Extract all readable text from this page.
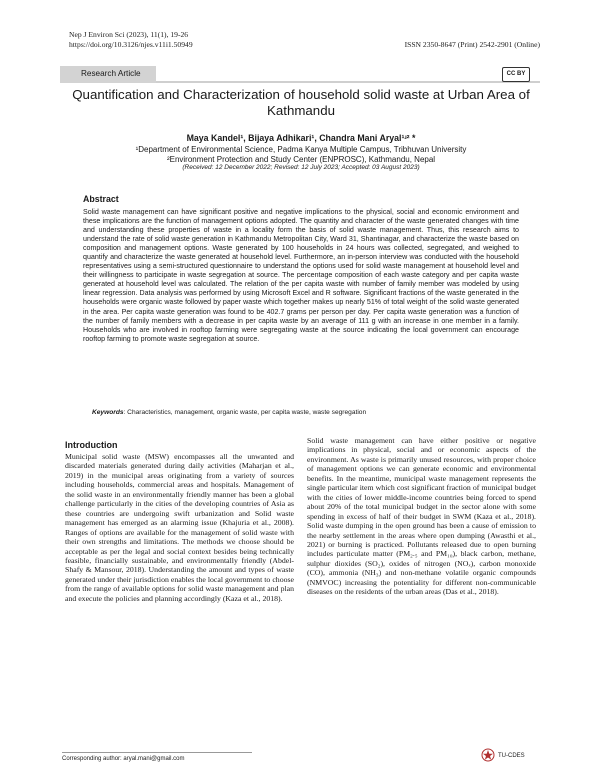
Nep J Environ Sci (2023), 11(1), 19-26
https://doi.org/10.3126/njes.v11i1.50949	ISSN 2350-8647 (Print) 2542-2901 (Online)
Research Article	CC BY
Quantification and Characterization of household solid waste at Urban Area of Kathmandu
Maya Kandel¹, Bijaya Adhikari¹, Chandra Mani Aryal¹ʴ² *
¹Department of Environmental Science, Padma Kanya Multiple Campus, Tribhuvan University
²Environment Protection and Study Center (ENPROSC), Kathmandu, Nepal
(Received: 12 December 2022; Revised: 12 July 2023; Accepted: 03 August 2023)
Abstract

Solid waste management can have significant positive and negative implications to the physical, social and economic environment and these implications are the function of management options adopted. The quantity and character of the waste generated changes with time and understanding these properties of waste in a locality form the basis of solid waste management. Thus, this research aims to understand the rate of solid waste generation in Kathmandu Metropolitan City, Ward 31, Shantinagar, and characterize the waste based on composition and management options. Waste generated by 100 households in 24 hours was collected, segregated, and weighed to quantify and characterize the waste generated at household level. Furthermore, an in-person interview was conducted with the household representatives using a semi-structured questionnaire to understand the options used for solid waste management at household level and their willingness to participate in waste segregation at source. The percentage composition of each waste category and per capita waste generated at household level was calculated. The relation of the per capita waste with number of family member was modeled by using linear regression. Data analysis was performed by using Microsoft Excel and R software. Significant fractions of the waste generated in the households were organic waste followed by paper waste which together makes up nearly 51% of total weight of the solid waste generated in the area. Per capita waste generation was found to be 402.7 grams per person per day. Per capita waste generation was a function of the number of family members with a decrease in per capita waste by an average of 111 g with an increase in one member in a family. Households who are involved in rooftop farming were segregating waste at the source indicating the local government can encourage rooftop farming to promote waste segregation at source.

Keywords: Characteristics, management, organic waste, per capita waste, waste segregation
Introduction

Municipal solid waste (MSW) encompasses all the unwanted and discarded materials generated during daily activities (Maharjan et al., 2019) in the municipal areas originating from a variety of sources including households, commercial areas and hospitals. Management of the solid waste in an environmentally friendly manner has been a global challenge particularly in the cities of the developing countries of Asia as these countries are undergoing swift urbanization and Solid waste management has emerged as an alarming issue (Khajuria et al., 2008). Ranges of options are available for the management of solid waste with their own strengths and limitations. The methods we choose should be acceptable as per the legal and social context besides being technically feasible, financially sustainable, and environmentally friendly (Abdel-Shafy & Mansour, 2018). Understanding the amount and types of waste generated under their jurisdiction enables the local government to choose from the range of available options for solid waste management and plan and execute the policies and planning accordingly (Kaza et al., 2018).

Solid waste management can have either positive or negative implications in physical, social and or economic aspects of the environment. As waste is primarily unused resources, with proper choice of management options we can generate economic and environmental benefits. In the meantime, municipal waste management represents the single particular item which cost significant fraction of municipal budget with the cities of lower middle-income countries being forced to spend about 20% of the total municipal budget in the sector alone with some spending in excess of half of their budget in SWM (Kaza et al., 2018). Solid waste dumping in the open ground has been a cause of emission to the nearby settlement in the areas where open dumping (Awasthi et al., 2021) or burning is practiced. Pollutants released due to open burning includes particulate matter (PM₂.₅ and PM₁₀), black carbon, methane, sulphur dioxides (SO₂), oxides of nitrogen (NOₓ), carbon monoxide (CO), ammonia (NH₃) and non-methane volatile organic compounds (NMVOC) increasing the potentiality for different non-communicable diseases on the residents of the urban areas (Das et al., 2018).

Corresponding author: aryal.mani@gmail.com	TU-CDES
